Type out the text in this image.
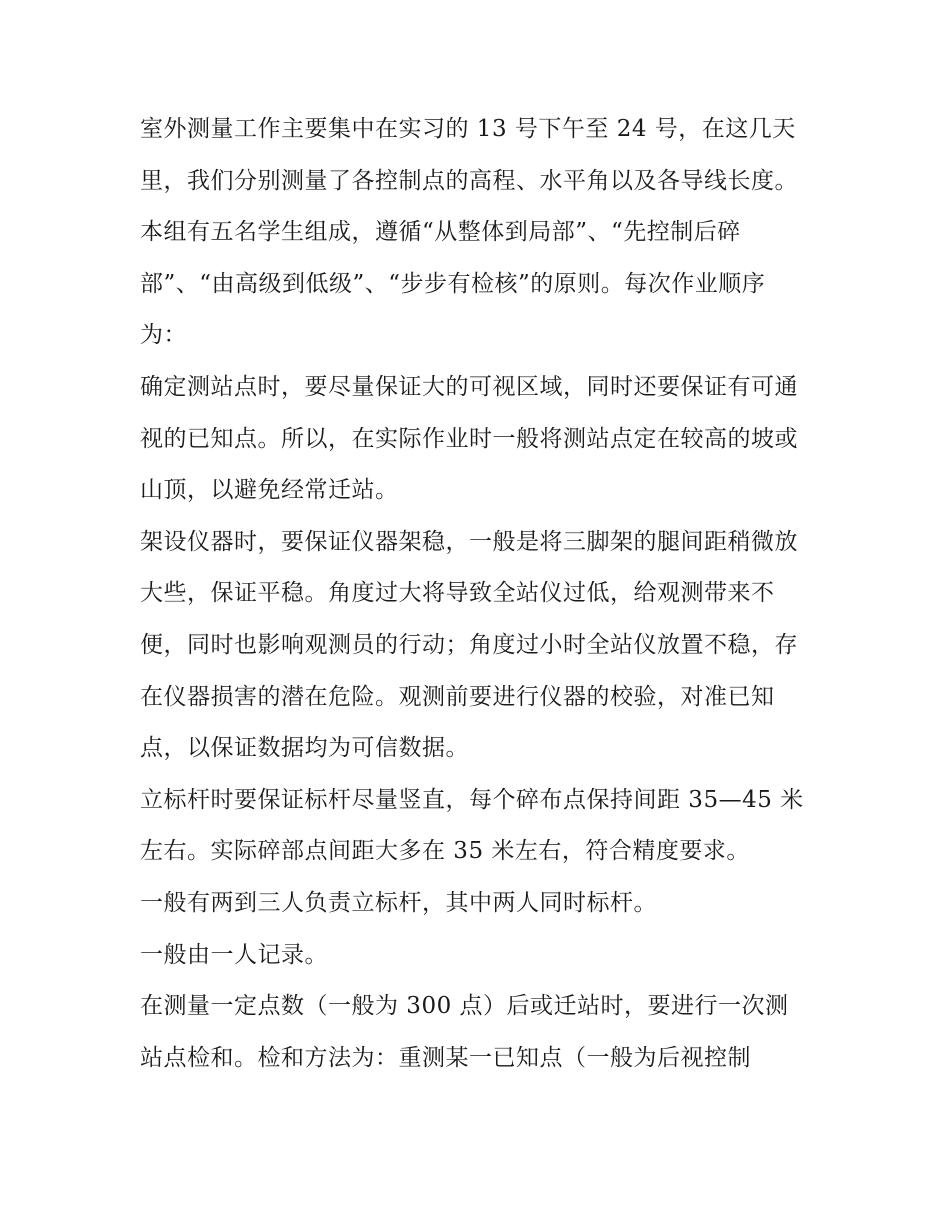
室外测量工作主要集中在实习的 13 号下午至 24 号，在这几天里，我们分别测量了各控制点的高程、水平角以及各导线长度。

本组有五名学生组成，遵循“从整体到局部”、“先控制后碎部”、“由高级到低级”、“步步有检核”的原则。每次作业顺序为：

确定测站点时，要尽量保证大的可视区域，同时还要保证有可通视的已知点。所以，在实际作业时一般将测站点定在较高的坡或山顶，以避免经常迁站。

架设仪器时，要保证仪器架稳，一般是将三脚架的腿间距稍微放大些，保证平稳。角度过大将导致全站仪过低，给观测带来不便，同时也影响观测员的行动；角度过小时全站仪放置不稳，存在仪器损害的潜在危险。观测前要进行仪器的校验，对准已知点，以保证数据均为可信数据。

立标杆时要保证标杆尽量竖直，每个碎布点保持间距 35—45 米左右。实际碎部点间距大多在 35 米左右，符合精度要求。

一般有两到三人负责立标杆，其中两人同时标杆。

一般由一人记录。

在测量一定点数（一般为 300 点）后或迁站时，要进行一次测站点检和。检和方法为：重测某一已知点（一般为后视控制
